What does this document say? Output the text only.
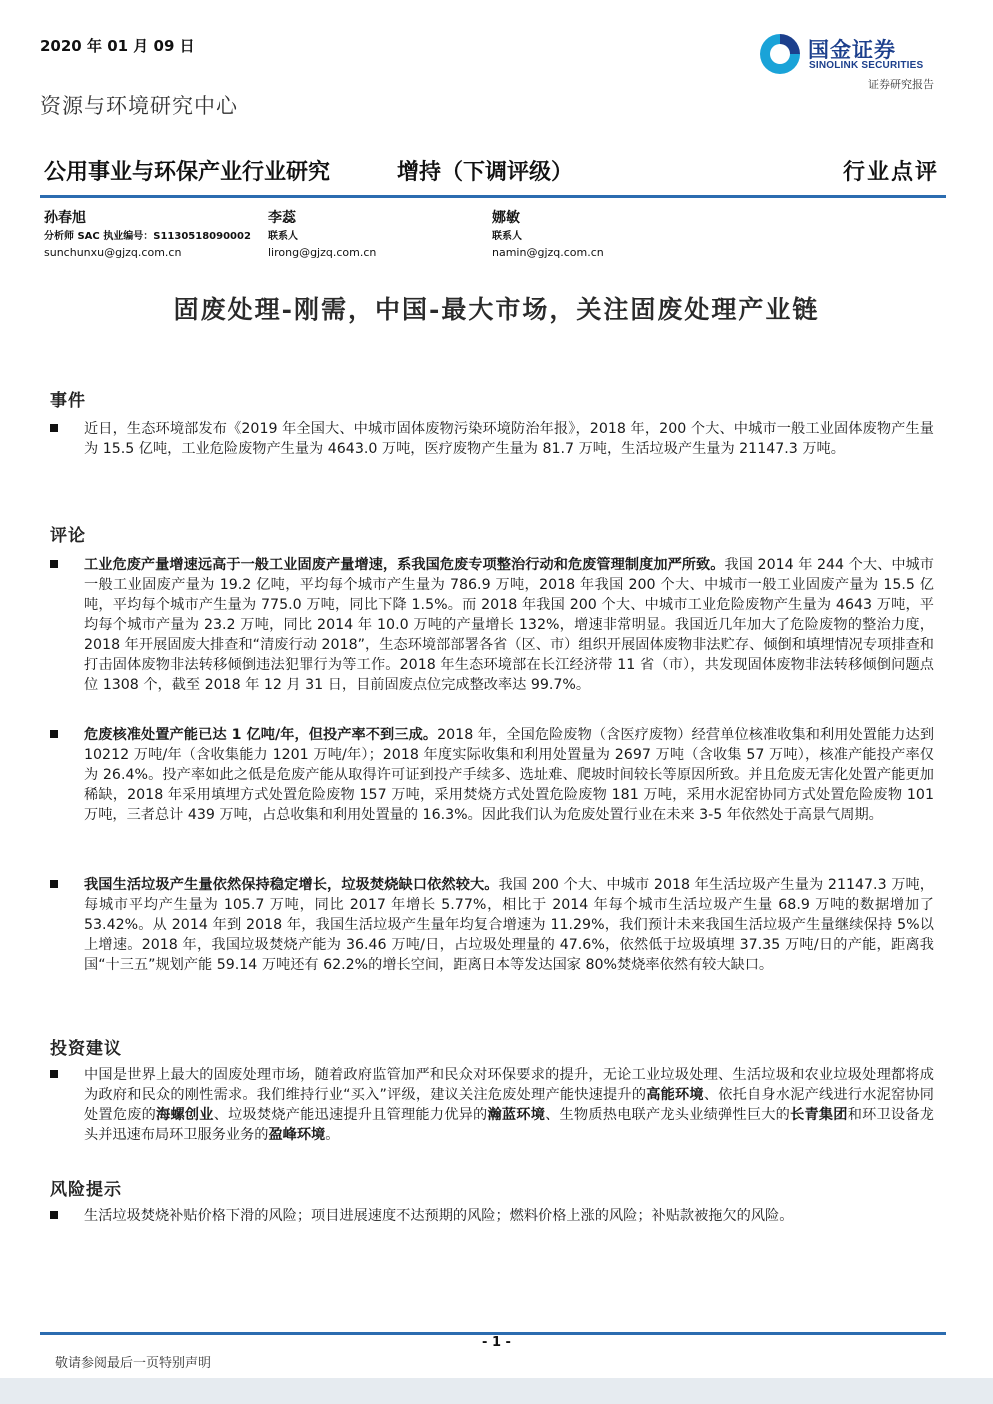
2020 年 01 月 09 日	国金证券
SINOLINK SECURITIES
证券研究报告
资源与环境研究中心
公用事业与环保产业行业研究	增持（下调评级）	行业点评
孙春旭
分析师 SAC 执业编号：S1130518090002
sunchunxu@gjzq.com.cn
李蕊
联系人
lirong@gjzq.com.cn
娜敏
联系人
namin@gjzq.com.cn
固废处理-刚需，中国-最大市场，关注固废处理产业链
事件
近日，生态环境部发布《2019 年全国大、中城市固体废物污染环境防治年报》，2018 年，200 个大、中城市一般工业固体废物产生量为 15.5 亿吨，工业危险废物产生量为 4643.0 万吨，医疗废物产生量为 81.7 万吨，生活垃圾产生量为 21147.3 万吨。
评论
工业危废产量增速远高于一般工业固废产量增速，系我国危废专项整治行动和危废管理制度加严所致。我国 2014 年 244 个大、中城市一般工业固废产量为 19.2 亿吨，平均每个城市产生量为 786.9 万吨，2018 年我国 200 个大、中城市一般工业固废产量为 15.5 亿吨，平均每个城市产生量为 775.0 万吨，同比下降 1.5%。而 2018 年我国 200 个大、中城市工业危险废物产生量为 4643 万吨，平均每个城市产量为 23.2 万吨，同比 2014 年 10.0 万吨的产量增长 132%，增速非常明显。我国近几年加大了危险废物的整治力度，2018 年开展固废大排查和“清废行动 2018”，生态环境部部署各省（区、市）组织开展固体废物非法贮存、倾倒和填埋情况专项排查和打击固体废物非法转移倾倒违法犯罪行为等工作。2018 年生态环境部在长江经济带 11 省（市），共发现固体废物非法转移倾倒问题点位 1308 个，截至 2018 年 12 月 31 日，目前固废点位完成整改率达 99.7%。
危废核准处置产能已达 1 亿吨/年，但投产率不到三成。2018 年，全国危险废物（含医疗废物）经营单位核准收集和利用处置能力达到 10212 万吨/年（含收集能力 1201 万吨/年）；2018 年度实际收集和利用处置量为 2697 万吨（含收集 57 万吨），核准产能投产率仅为 26.4%。投产率如此之低是危废产能从取得许可证到投产手续多、选址难、爬坡时间较长等原因所致。并且危废无害化处置产能更加稀缺，2018 年采用填埋方式处置危险废物 157 万吨，采用焚烧方式处置危险废物 181 万吨，采用水泥窑协同方式处置危险废物 101 万吨，三者总计 439 万吨，占总收集和利用处置量的 16.3%。因此我们认为危废处置行业在未来 3-5 年依然处于高景气周期。
我国生活垃圾产生量依然保持稳定增长，垃圾焚烧缺口依然较大。我国 200 个大、中城市 2018 年生活垃圾产生量为 21147.3 万吨，每城市平均产生量为 105.7 万吨，同比 2017 年增长 5.77%，相比于 2014 年每个城市生活垃圾产生量 68.9 万吨的数据增加了 53.42%。从 2014 年到 2018 年，我国生活垃圾产生量年均复合增速为 11.29%，我们预计未来我国生活垃圾产生量继续保持 5%以上增速。2018 年，我国垃圾焚烧产能为 36.46 万吨/日，占垃圾处理量的 47.6%，依然低于垃圾填埋 37.35 万吨/日的产能，距离我国“十三五”规划产能 59.14 万吨还有 62.2%的增长空间，距离日本等发达国家 80%焚烧率依然有较大缺口。
投资建议
中国是世界上最大的固废处理市场，随着政府监管加严和民众对环保要求的提升，无论工业垃圾处理、生活垃圾和农业垃圾处理都将成为政府和民众的刚性需求。我们维持行业“买入”评级，建议关注危废处理产能快速提升的高能环境、依托自身水泥产线进行水泥窑协同处置危废的海螺创业、垃圾焚烧产能迅速提升且管理能力优异的瀚蓝环境、生物质热电联产龙头业绩弹性巨大的长青集团和环卫设备龙头并迅速布局环卫服务业务的盈峰环境。
风险提示
生活垃圾焚烧补贴价格下滑的风险；项目进展速度不达预期的风险；燃料价格上涨的风险；补贴款被拖欠的风险。
- 1 -
敬请参阅最后一页特别声明
